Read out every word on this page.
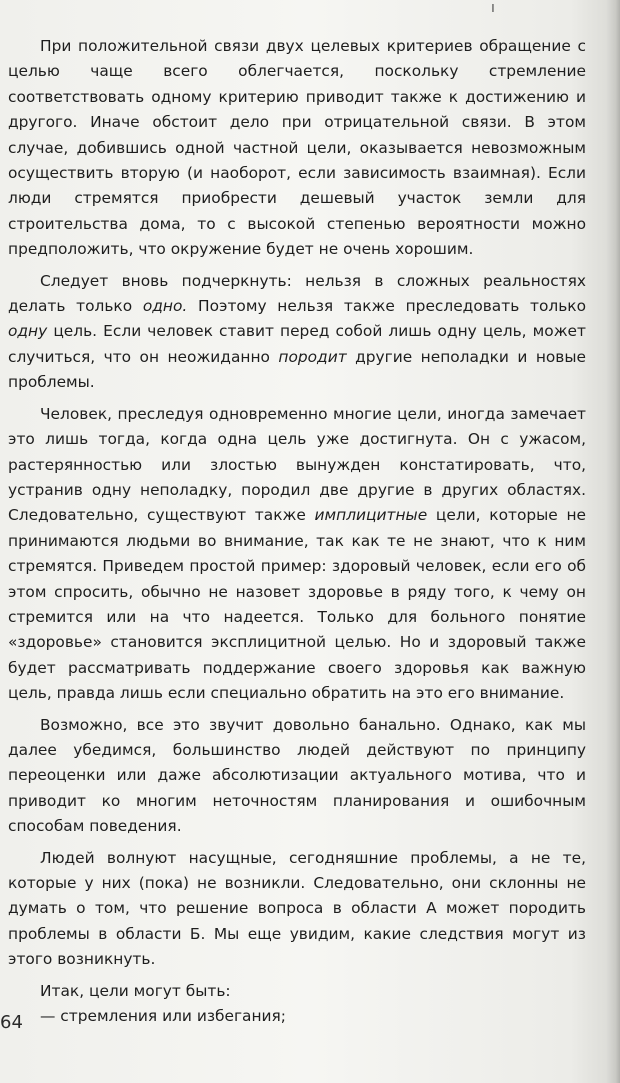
ı

При положительной связи двух целевых критериев обращение с целью чаще всего облегчается, поскольку стремление соответствовать одному критерию приводит также к достижению и другого. Иначе обстоит дело при отрицательной связи. В этом случае, добившись одной частной цели, оказывается невозможным осуществить вторую (и наоборот, если зависимость взаимная). Если люди стремятся приобрести дешевый участок земли для строительства дома, то с высокой степенью вероятности можно предположить, что окружение будет не очень хорошим.

Следует вновь подчеркнуть: нельзя в сложных реальностях делать только одно. Поэтому нельзя также преследовать только одну цель. Если человек ставит перед собой лишь одну цель, может случиться, что он неожиданно породит другие неполадки и новые проблемы.

Человек, преследуя одновременно многие цели, иногда замечает это лишь тогда, когда одна цель уже достигнута. Он с ужасом, растерянностью или злостью вынужден констатировать, что, устранив одну неполадку, породил две другие в других областях. Следовательно, существуют также имплицитные цели, которые не принимаются людьми во внимание, так как те не знают, что к ним стремятся. Приведем простой пример: здоровый человек, если его об этом спросить, обычно не назовет здоровье в ряду того, к чему он стремится или на что надеется. Только для больного понятие «здоровье» становится эксплицитной целью. Но и здоровый также будет рассматривать поддержание своего здоровья как важную цель, правда лишь если специально обратить на это его внимание.

Возможно, все это звучит довольно банально. Однако, как мы далее убедимся, большинство людей действуют по принципу переоценки или даже абсолютизации актуального мотива, что и приводит ко многим неточностям планирования и ошибочным способам поведения.

Людей волнуют насущные, сегодняшние проблемы, а не те, которые у них (пока) не возникли. Следовательно, они склонны не думать о том, что решение вопроса в области А может породить проблемы в области Б. Мы еще увидим, какие следствия могут из этого возникнуть.

Итак, цели могут быть:

— стремления или избегания;

64
